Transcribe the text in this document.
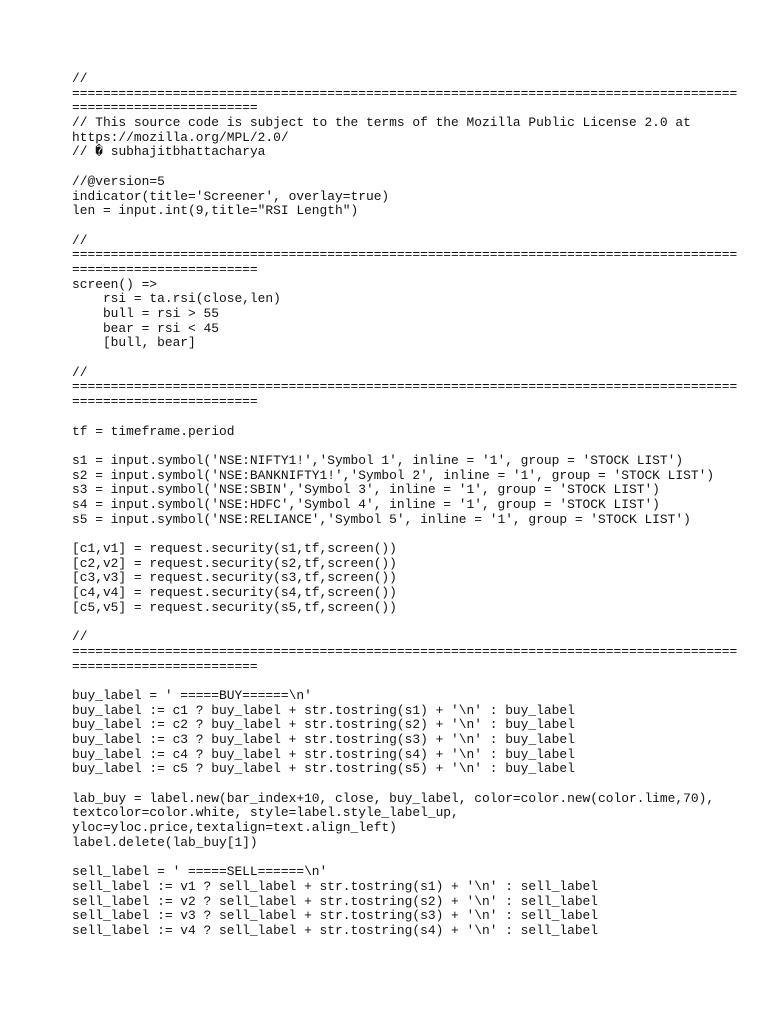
//
======================================================================================
========================
// This source code is subject to the terms of the Mozilla Public License 2.0 at
https://mozilla.org/MPL/2.0/
// � subhajitbhattacharya
//@version=5
indicator(title='Screener', overlay=true)
len = input.int(9,title="RSI Length")
//
======================================================================================
========================
screen() =>
rsi = ta.rsi(close,len)
bull = rsi > 55
bear = rsi < 45
[bull, bear]
//
======================================================================================
========================
tf = timeframe.period
s1 = input.symbol('NSE:NIFTY1!','Symbol 1', inline = '1', group = 'STOCK LIST')
s2 = input.symbol('NSE:BANKNIFTY1!','Symbol 2', inline = '1', group = 'STOCK LIST')
s3 = input.symbol('NSE:SBIN','Symbol 3', inline = '1', group = 'STOCK LIST')
s4 = input.symbol('NSE:HDFC','Symbol 4', inline = '1', group = 'STOCK LIST')
s5 = input.symbol('NSE:RELIANCE','Symbol 5', inline = '1', group = 'STOCK LIST')
[c1,v1] = request.security(s1,tf,screen())
[c2,v2] = request.security(s2,tf,screen())
[c3,v3] = request.security(s3,tf,screen())
[c4,v4] = request.security(s4,tf,screen())
[c5,v5] = request.security(s5,tf,screen())
//
======================================================================================
========================
buy_label = ' =====BUY======\n'
buy_label := c1 ? buy_label + str.tostring(s1) + '\n' : buy_label
buy_label := c2 ? buy_label + str.tostring(s2) + '\n' : buy_label
buy_label := c3 ? buy_label + str.tostring(s3) + '\n' : buy_label
buy_label := c4 ? buy_label + str.tostring(s4) + '\n' : buy_label
buy_label := c5 ? buy_label + str.tostring(s5) + '\n' : buy_label
lab_buy = label.new(bar_index+10, close, buy_label, color=color.new(color.lime,70),
textcolor=color.white, style=label.style_label_up,
yloc=yloc.price,textalign=text.align_left)
label.delete(lab_buy[1])
sell_label = ' =====SELL======\n'
sell_label := v1 ? sell_label + str.tostring(s1) + '\n' : sell_label
sell_label := v2 ? sell_label + str.tostring(s2) + '\n' : sell_label
sell_label := v3 ? sell_label + str.tostring(s3) + '\n' : sell_label
sell_label := v4 ? sell_label + str.tostring(s4) + '\n' : sell_label
